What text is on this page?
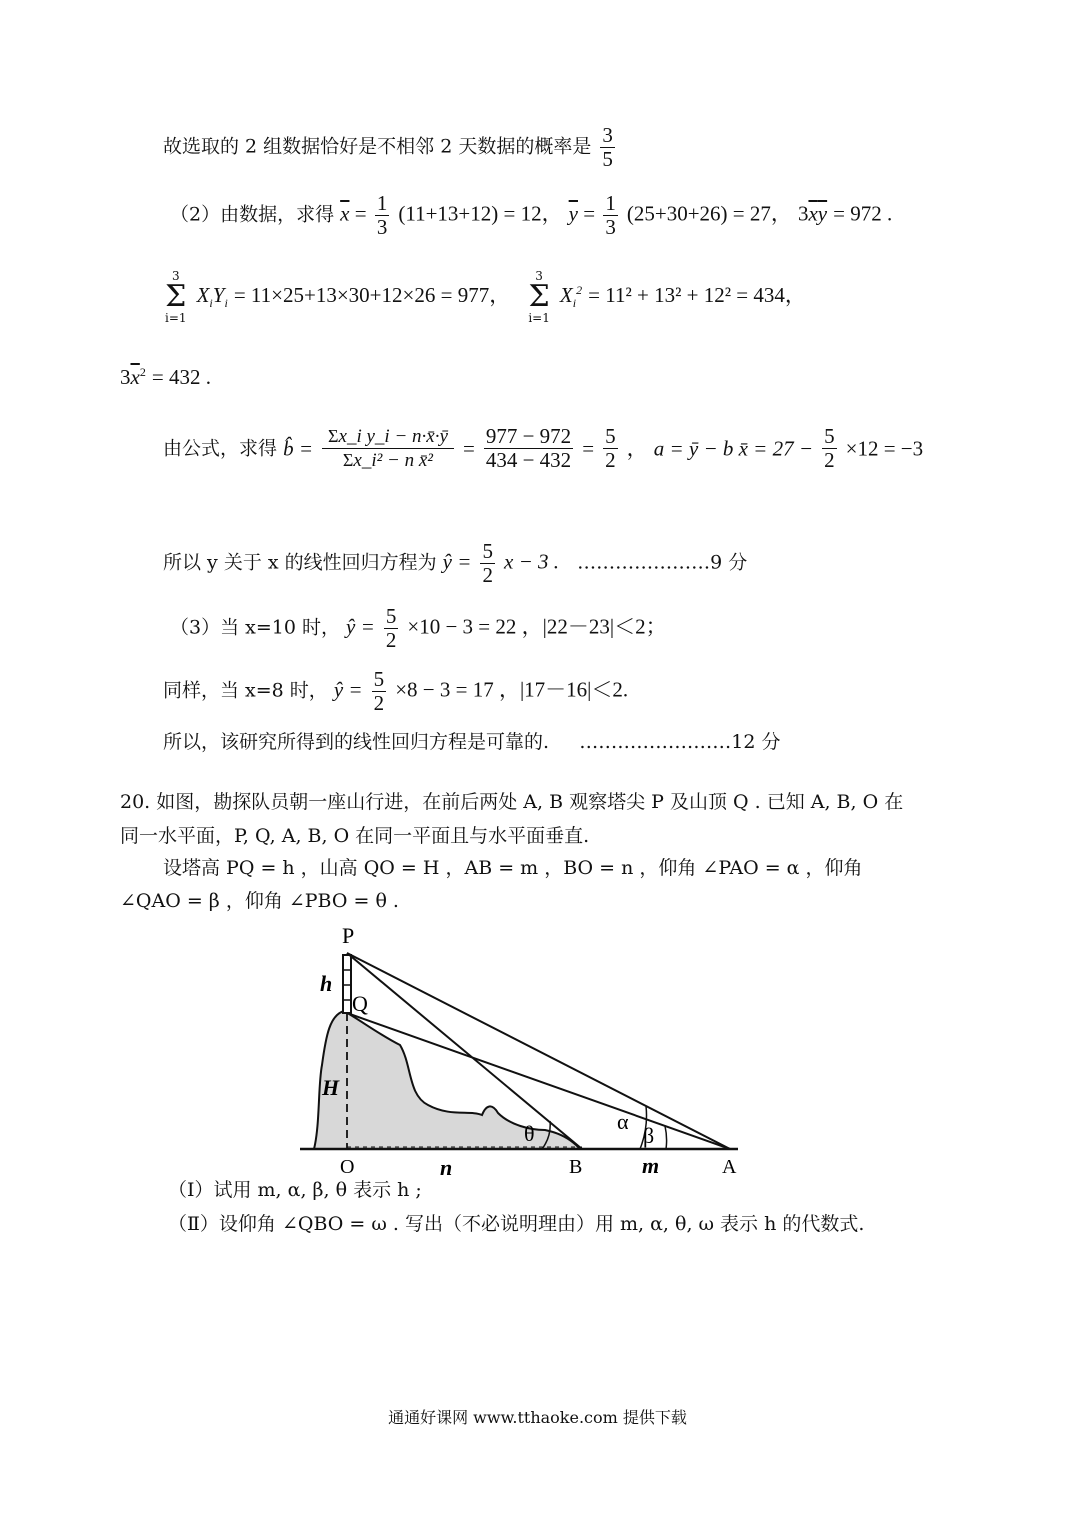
故选取的 2 组数据恰好是不相邻 2 天数据的概率是 $\frac{3}{5}$
（2）由数据，求得 $\overline{x} = \frac{1}{3} (11+13+12) = 12$， $\overline{y} = \frac{1}{3} (25+30+26) = 27$， $3\overline{x}\overline{y} = 972$ .
3
Σ
i=1 $X_iY_i = 11\times 25+13\times 30+12\times 26 = 977$，   3
Σ
i=1 $X_i^2 = 11^2 + 13^2 + 12^2 = 434$，
$3\overline{x}^2 = 432$ .
由公式，求得 b̂ = $\frac{\text{Σx\_i y\_i − n·x̄·ȳ}}{\text{Σx\_i² − n x̄²}} = \frac{977 - 972}{434 - 432} = \frac{5}{2}$ ， a = ȳ − b x̄ = $27 - \frac{5}{2} \times 12 = -3$
所以 y 关于 x 的线性回归方程为 ŷ = $\frac{5}{2}$ x − 3 . …………………9 分
（3）当 x=10 时， ŷ = $\frac{5}{2} \times 10 - 3 = 22$ ，|22－23|＜2；
同样，当 x=8 时， ŷ = $\frac{5}{2} \times 8 - 3 = 17$ ，|17－16|＜2.
所以，该研究所得到的线性回归方程是可靠的. ……………………12 分
20. 如图，勘探队员朝一座山行进，在前后两处 A, B 观察塔尖 P 及山顶 Q . 已知 A, B, O 在
同一水平面，P, Q, A, B, O 在同一平面且与水平面垂直.
设塔高 PQ = h ，山高 QO = H ，AB = m ，BO = n ，仰角 ∠PAO = α ，仰角
∠QAO = β ，仰角 ∠PBO = θ .
P
Q
h
H
O	n	B	m	A
α
β
θ
（Ⅰ）试用 m, α, β, θ 表示 h ;
（Ⅱ）设仰角 ∠QBO = ω . 写出（不必说明理由）用 m, α, θ, ω 表示 h 的代数式.
通通好课网 www.tthaoke.com 提供下载
